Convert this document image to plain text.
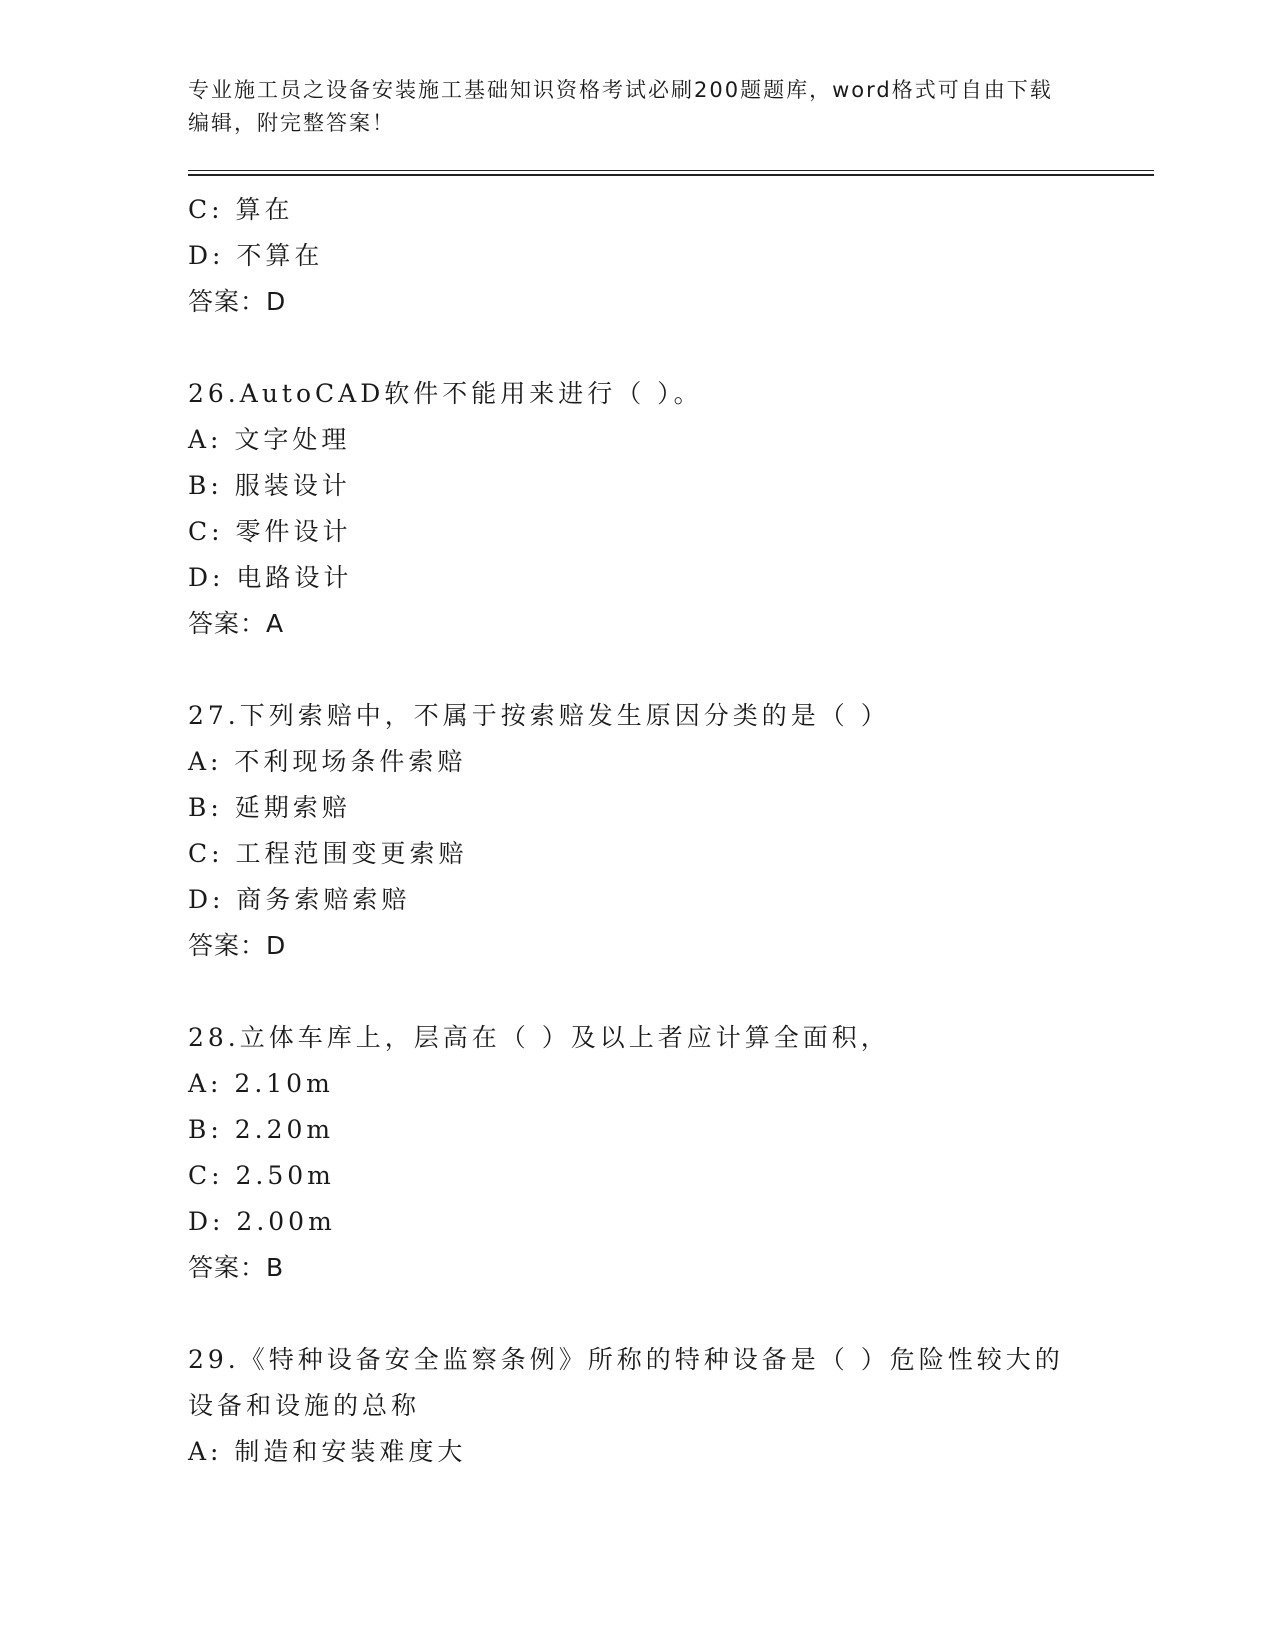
专业施工员之设备安装施工基础知识资格考试必刷200题题库，word格式可自由下载编辑，附完整答案！
C: 算在
D: 不算在
答案：D
26.AutoCAD软件不能用来进行（ ）。
A: 文字处理
B: 服装设计
C: 零件设计
D: 电路设计
答案：A
27.下列索赔中，不属于按索赔发生原因分类的是（ ）
A: 不利现场条件索赔
B: 延期索赔
C: 工程范围变更索赔
D: 商务索赔索赔
答案：D
28.立体车库上，层高在（ ）及以上者应计算全面积，
A: 2.10m
B: 2.20m
C: 2.50m
D: 2.00m
答案：B
29.《特种设备安全监察条例》所称的特种设备是（ ）危险性较大的设备和设施的总称
A: 制造和安装难度大
